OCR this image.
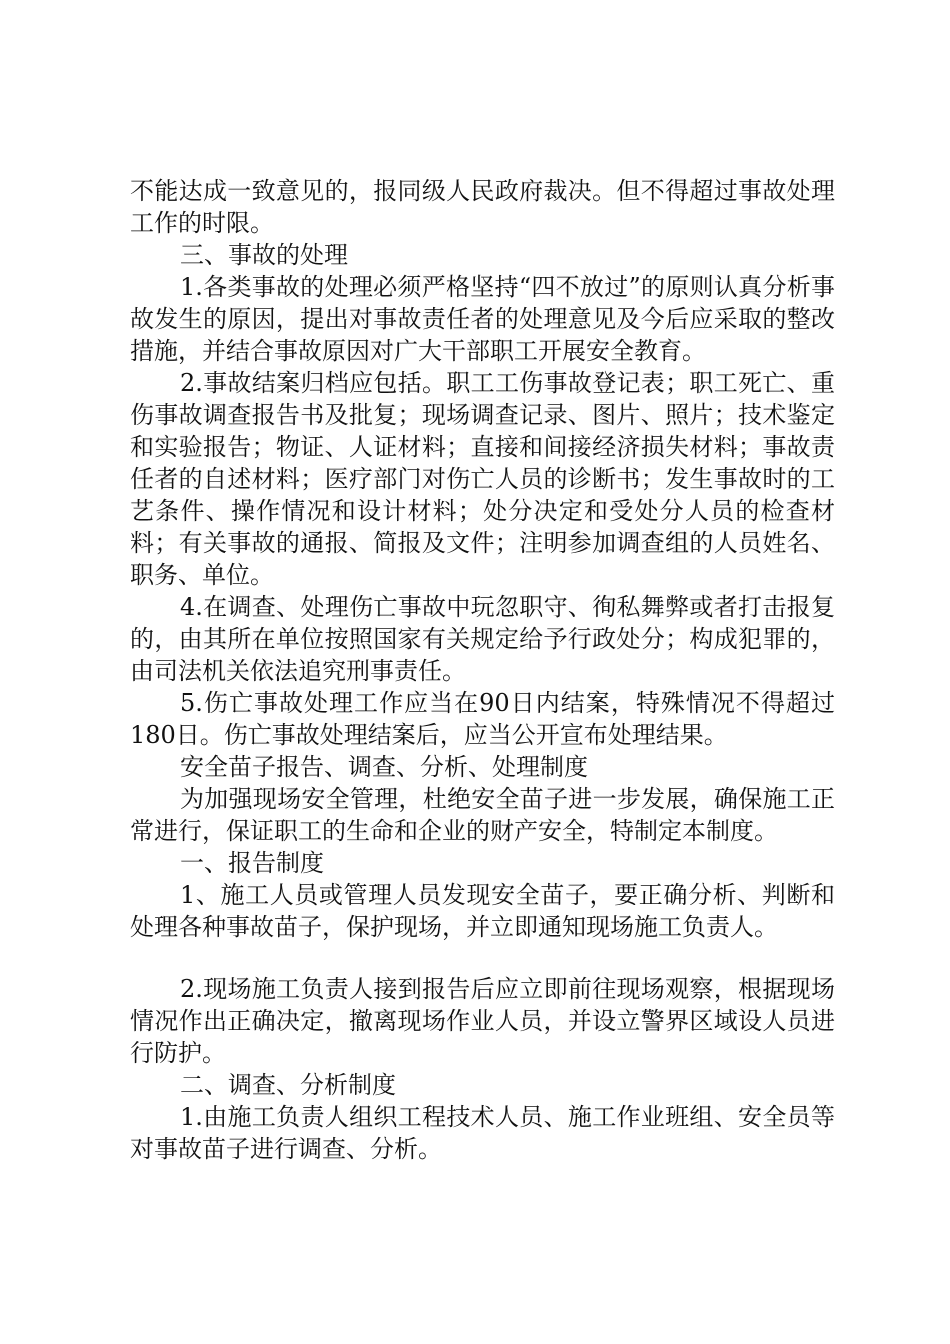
不能达成一致意见的，报同级人民政府裁决。但不得超过事故处理工作的时限。

三、事故的处理

1.各类事故的处理必须严格坚持“四不放过”的原则认真分析事故发生的原因，提出对事故责任者的处理意见及今后应采取的整改措施，并结合事故原因对广大干部职工开展安全教育。

2.事故结案归档应包括。职工工伤事故登记表；职工死亡、重伤事故调查报告书及批复；现场调查记录、图片、照片；技术鉴定和实验报告；物证、人证材料；直接和间接经济损失材料；事故责任者的自述材料；医疗部门对伤亡人员的诊断书；发生事故时的工艺条件、操作情况和设计材料；处分决定和受处分人员的检查材料；有关事故的通报、简报及文件；注明参加调查组的人员姓名、职务、单位。

4.在调查、处理伤亡事故中玩忽职守、徇私舞弊或者打击报复的，由其所在单位按照国家有关规定给予行政处分；构成犯罪的，由司法机关依法追究刑事责任。

5.伤亡事故处理工作应当在90日内结案，特殊情况不得超过180日。伤亡事故处理结案后，应当公开宣布处理结果。

安全苗子报告、调查、分析、处理制度

为加强现场安全管理，杜绝安全苗子进一步发展，确保施工正常进行，保证职工的生命和企业的财产安全，特制定本制度。

一、报告制度

1、施工人员或管理人员发现安全苗子，要正确分析、判断和处理各种事故苗子，保护现场，并立即通知现场施工负责人。

2.现场施工负责人接到报告后应立即前往现场观察，根据现场情况作出正确决定，撤离现场作业人员，并设立警界区域设人员进行防护。

二、调查、分析制度

1.由施工负责人组织工程技术人员、施工作业班组、安全员等对事故苗子进行调查、分析。
